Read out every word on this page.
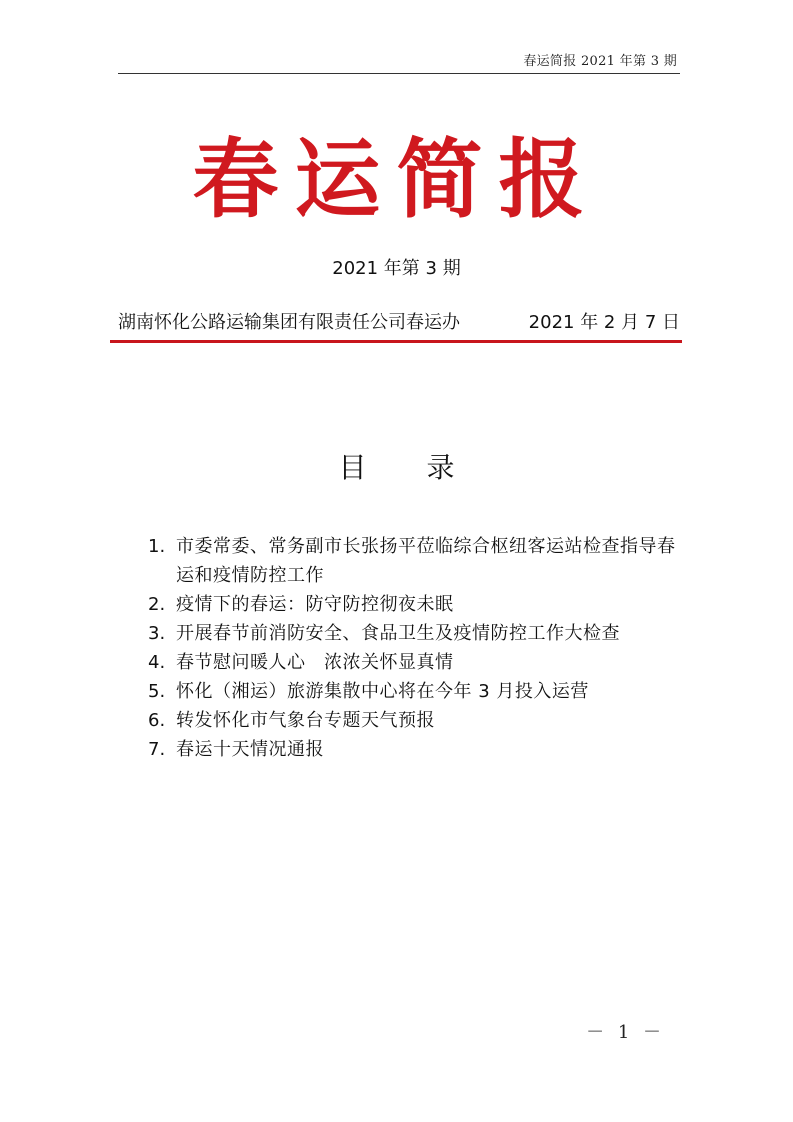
春运简报 2021 年第 3 期
春运简报
2021 年第 3 期
湖南怀化公路运输集团有限责任公司春运办	2021 年 2 月 7 日
目 录
1. 市委常委、常务副市长张扬平莅临综合枢纽客运站检查指导春运和疫情防控工作
2. 疫情下的春运：防守防控彻夜未眠
3. 开展春节前消防安全、食品卫生及疫情防控工作大检查
4. 春节慰问暖人心　浓浓关怀显真情
5. 怀化（湘运）旅游集散中心将在今年 3 月投入运营
6. 转发怀化市气象台专题天气预报
7. 春运十天情况通报
－ 1 －
